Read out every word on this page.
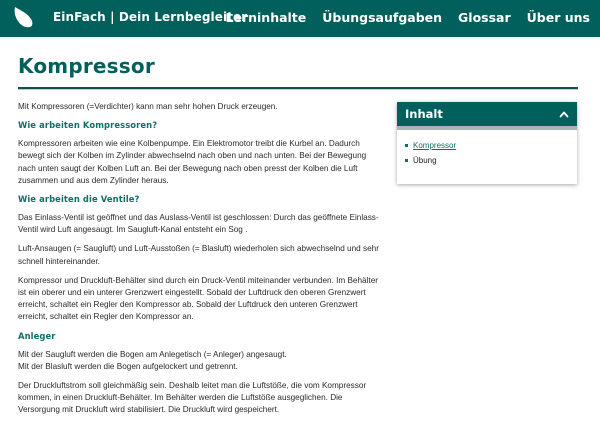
EinFach | Dein Lernbegleiter
Lerninhalte Übungsaufgaben Glossar Über uns
Kompressor

Mit Kompressoren (=Verdichter) kann man sehr hohen Druck erzeugen.

Wie arbeiten Kompressoren?

Kompressoren arbeiten wie eine Kolbenpumpe. Ein Elektromotor treibt die Kurbel an. Dadurch bewegt sich der Kolben im Zylinder abwechselnd nach oben und nach unten. Bei der Bewegung nach unten saugt der Kolben Luft an. Bei der Bewegung nach oben presst der Kolben die Luft zusammen und aus dem Zylinder heraus.

Wie arbeiten die Ventile?

Das Einlass-Ventil ist geöffnet und das Auslass-Ventil ist geschlossen: Durch das geöffnete Einlass-Ventil wird Luft angesaugt. Im Saugluft-Kanal entsteht ein Sog .

Luft-Ansaugen (= Saugluft) und Luft-Ausstoßen (= Blasluft) wiederholen sich abwechselnd und sehr schnell hintereinander.

Kompressor und Druckluft-Behälter sind durch ein Druck-Ventil miteinander verbunden. Im Behälter ist ein oberer und ein unterer Grenzwert eingestellt. Sobald der Luftdruck den oberen Grenzwert erreicht, schaltet ein Regler den Kompressor ab. Sobald der Luftdruck den unteren Grenzwert erreicht, schaltet ein Regler den Kompressor an.

Anleger

Mit der Saugluft werden die Bogen am Anlegetisch (= Anleger) angesaugt.

Mit der Blasluft werden die Bogen aufgelockert und getrennt.

Der Druckluftstrom soll gleichmäßig sein. Deshalb leitet man die Luftstöße, die vom Kompressor kommen, in einen Druckluft-Behälter. Im Behälter werden die Luftstöße ausgeglichen. Die Versorgung mit Druckluft wird stabilisiert. Die Druckluft wird gespeichert.

Inhalt
Kompressor
Übung
